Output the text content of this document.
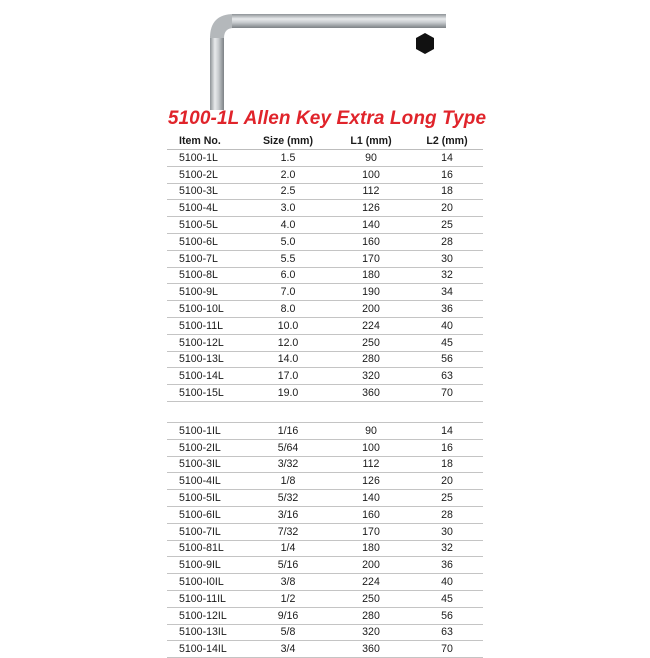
5100-1L Allen Key Extra Long Type
Item No.	Size (mm)	L1 (mm)	L2 (mm)
5100-1L	1.5	90	14
5100-2L	2.0	100	16
5100-3L	2.5	112	18
5100-4L	3.0	126	20
5100-5L	4.0	140	25
5100-6L	5.0	160	28
5100-7L	5.5	170	30
5100-8L	6.0	180	32
5100-9L	7.0	190	34
5100-10L	8.0	200	36
5100-11L	10.0	224	40
5100-12L	12.0	250	45
5100-13L	14.0	280	56
5100-14L	17.0	320	63
5100-15L	19.0	360	70

5100-1IL	1/16	90	14
5100-2IL	5/64	100	16
5100-3IL	3/32	112	18
5100-4IL	1/8	126	20
5100-5IL	5/32	140	25
5100-6IL	3/16	160	28
5100-7IL	7/32	170	30
5100-81L	1/4	180	32
5100-9IL	5/16	200	36
5100-I0IL	3/8	224	40
5100-11IL	1/2	250	45
5100-12IL	9/16	280	56
5100-13IL	5/8	320	63
5100-14IL	3/4	360	70
